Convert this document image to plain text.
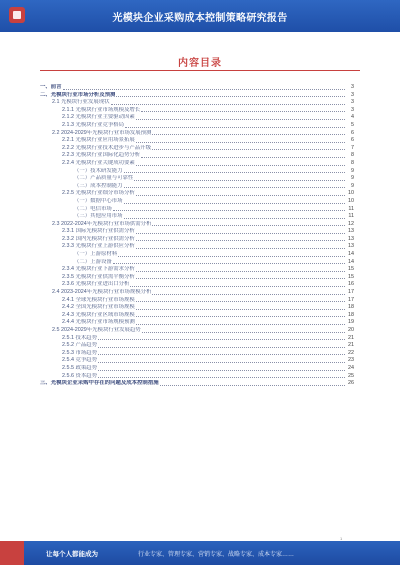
光模块企业采购成本控制策略研究报告
内容目录
一、前言	3
二、光模块行业市场分析及预测	3
2.1 光模块行业发展现状	3
2.1.1 光模块行业市场规模及增长	3
2.1.2 光模块行业主要驱动因素	4
2.1.3 光模块行业竞争格局	5
2.2 2024-2029年光模块行业市场发展预测	6
2.2.1 光模块行业应用场景拓展	6
2.2.2 光模块行业技术进步与产品升级	7
2.2.3 光模块行业国际化趋势分析	8
2.2.4 光模块行业关键成功要素	8
（一）技术研发能力	9
（二）产品质量与可靠性	9
（三）成本控制能力	9
2.2.5 光模块行业细分市场分析	10
（一）数据中心市场	10
（二）电信市场	11
（三）其他应用市场	11
2.3 2022-2024年光模块行业市场供需分析	12
2.3.1 国际光模块行业供需分析	13
2.3.2 国内光模块行业供需分析	13
2.3.3 光模块行业上游供应分析	13
（一）上游原材料	14
（二）上游设备	14
2.3.4 光模块行业下游需求分析	15
2.3.5 光模块行业供需平衡分析	15
2.3.6 光模块行业进出口分析	16
2.4 2023-2024年光模块行业市场规模分析	17
2.4.1 全球光模块行业市场规模	17
2.4.2 全国光模块行业市场规模	18
2.4.3 光模块行业区域市场规模	18
2.4.4 光模块行业市场规模预测	19
2.5 2024-2029年光模块行业发展趋势	20
2.5.1 技术趋势	21
2.5.2 产品趋势	21
2.5.3 市场趋势	22
2.5.4 竞争趋势	23
2.5.5 政策趋势	24
2.5.6 资本趋势	25
三、光模块企业采购中存在的问题及成本控制措施	26
1
让每个人都能成为	行业专家、管理专家、营销专家、战略专家、成本专家……
